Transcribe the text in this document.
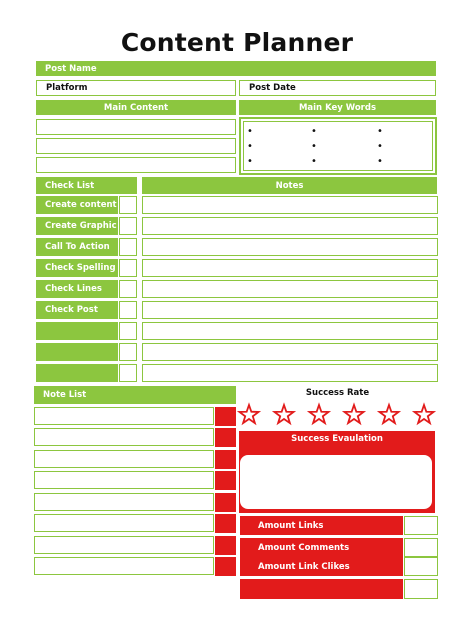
Content Planner
Post Name
Platform	Post Date
Main Content	Main Key Words
•	•	•
•	•	•
•	•	•
Check List	Notes
Create content
Create Graphic
Call To Action
Check Spelling
Check Lines
Check Post
Note List	Success Rate
Success Evaulation
Amount Links
Amount Comments
Amount Link Clikes
